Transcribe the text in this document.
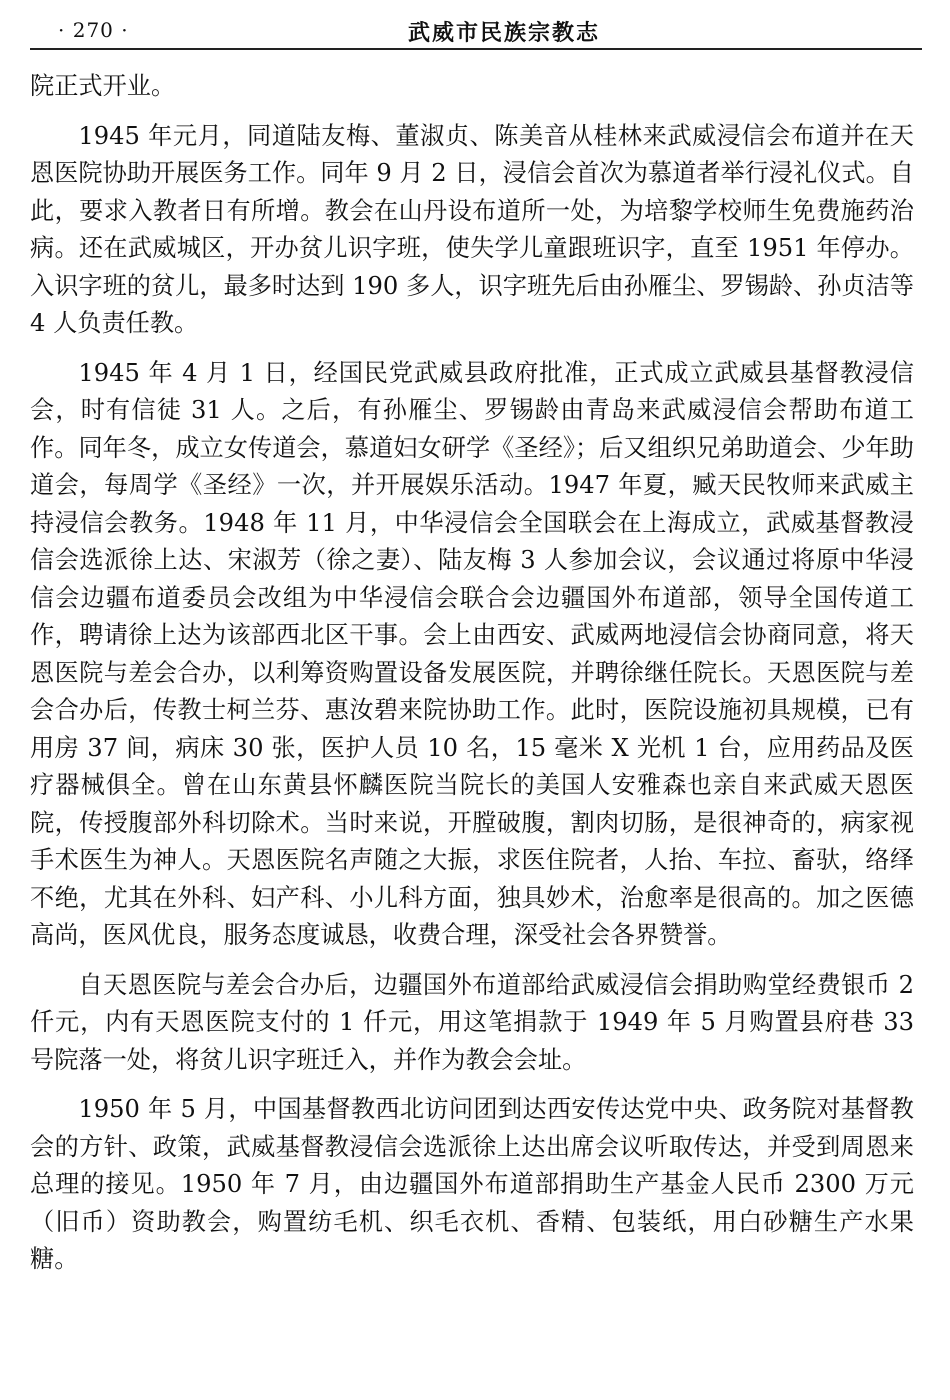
· 270 ·	武威市民族宗教志

院正式开业。

1945 年元月，同道陆友梅、董淑贞、陈美音从桂林来武威浸信会布道并在天恩医院协助开展医务工作。同年 9 月 2 日，浸信会首次为慕道者举行浸礼仪式。自此，要求入教者日有所增。教会在山丹设布道所一处，为培黎学校师生免费施药治病。还在武威城区，开办贫儿识字班，使失学儿童跟班识字，直至 1951 年停办。入识字班的贫儿，最多时达到 190 多人，识字班先后由孙雁尘、罗锡龄、孙贞洁等 4 人负责任教。

1945 年 4 月 1 日，经国民党武威县政府批准，正式成立武威县基督教浸信会，时有信徒 31 人。之后，有孙雁尘、罗锡龄由青岛来武威浸信会帮助布道工作。同年冬，成立女传道会，慕道妇女研学《圣经》；后又组织兄弟助道会、少年助道会，每周学《圣经》一次，并开展娱乐活动。1947 年夏，臧天民牧师来武威主持浸信会教务。1948 年 11 月，中华浸信会全国联会在上海成立，武威基督教浸信会选派徐上达、宋淑芳（徐之妻）、陆友梅 3 人参加会议，会议通过将原中华浸信会边疆布道委员会改组为中华浸信会联合会边疆国外布道部，领导全国传道工作，聘请徐上达为该部西北区干事。会上由西安、武威两地浸信会协商同意，将天恩医院与差会合办，以利筹资购置设备发展医院，并聘徐继任院长。天恩医院与差会合办后，传教士柯兰芬、惠汝碧来院协助工作。此时，医院设施初具规模，已有用房 37 间，病床 30 张，医护人员 10 名，15 毫米 X 光机 1 台，应用药品及医疗器械俱全。曾在山东黄县怀麟医院当院长的美国人安雅森也亲自来武威天恩医院，传授腹部外科切除术。当时来说，开膛破腹，割肉切肠，是很神奇的，病家视手术医生为神人。天恩医院名声随之大振，求医住院者，人抬、车拉、畜驮，络绎不绝，尤其在外科、妇产科、小儿科方面，独具妙术，治愈率是很高的。加之医德高尚，医风优良，服务态度诚恳，收费合理，深受社会各界赞誉。

自天恩医院与差会合办后，边疆国外布道部给武威浸信会捐助购堂经费银币 2 仟元，内有天恩医院支付的 1 仟元，用这笔捐款于 1949 年 5 月购置县府巷 33 号院落一处，将贫儿识字班迁入，并作为教会会址。

1950 年 5 月，中国基督教西北访问团到达西安传达党中央、政务院对基督教会的方针、政策，武威基督教浸信会选派徐上达出席会议听取传达，并受到周恩来总理的接见。1950 年 7 月，由边疆国外布道部捐助生产基金人民币 2300 万元（旧币）资助教会，购置纺毛机、织毛衣机、香精、包装纸，用白砂糖生产水果糖。
